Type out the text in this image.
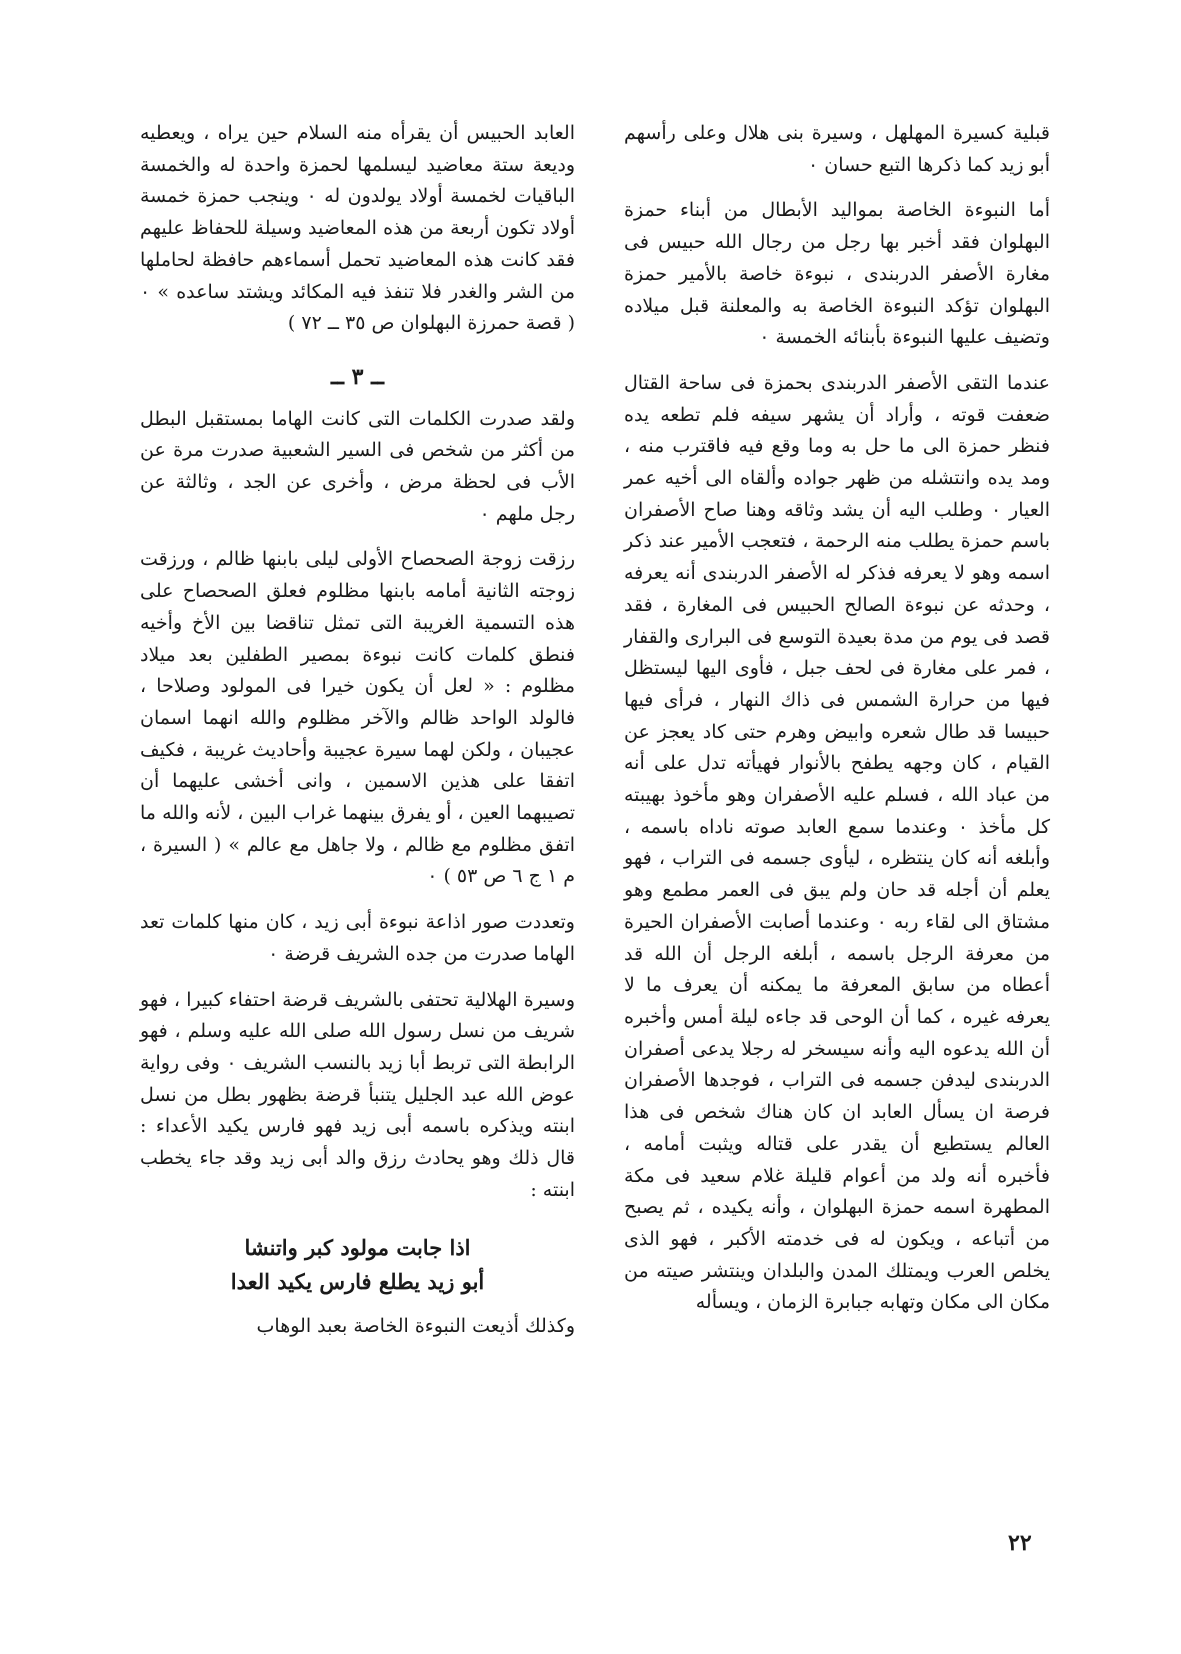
قبلية كسيرة المهلهل ، وسيرة بنى هلال وعلى رأسهم أبو زيد كما ذكرها التبع حسان ٠

أما النبوءة الخاصة بمواليد الأبطال من أبناء حمزة البهلوان فقد أخبر بها رجل من رجال الله حبيس فى مغارة الأصفر الدربندى ، نبوءة خاصة بالأمير حمزة البهلوان تؤكد النبوءة الخاصة به والمعلنة قبل ميلاده وتضيف عليها النبوءة بأبنائه الخمسة ٠

عندما التقى الأصفر الدربندى بحمزة فى ساحة القتال ضعفت قوته ، وأراد أن يشهر سيفه فلم تطعه يده فنظر حمزة الى ما حل به وما وقع فيه فاقترب منه ، ومد يده وانتشله من ظهر جواده وألقاه الى أخيه عمر العيار ٠ وطلب اليه أن يشد وثاقه وهنا صاح الأصفران باسم حمزة يطلب منه الرحمة ، فتعجب الأمير عند ذكر اسمه وهو لا يعرفه فذكر له الأصفر الدربندى أنه يعرفه ، وحدثه عن نبوءة الصالح الحبيس فى المغارة ، فقد قصد فى يوم من مدة بعيدة التوسع فى البرارى والقفار ، فمر على مغارة فى لحف جبل ، فأوى اليها ليستظل فيها من حرارة الشمس فى ذاك النهار ، فرأى فيها حبيسا قد طال شعره وابيض وهرم حتى كاد يعجز عن القيام ، كان وجهه يطفح بالأنوار فهيأته تدل على أنه من عباد الله ، فسلم عليه الأصفران وهو مأخوذ بهيبته كل مأخذ ٠ وعندما سمع العابد صوته ناداه باسمه ، وأبلغه أنه كان ينتظره ، ليأوى جسمه فى التراب ، فهو يعلم أن أجله قد حان ولم يبق فى العمر مطمع وهو مشتاق الى لقاء ربه ٠ وعندما أصابت الأصفران الحيرة من معرفة الرجل باسمه ، أبلغه الرجل أن الله قد أعطاه من سابق المعرفة ما يمكنه أن يعرف ما لا يعرفه غيره ، كما أن الوحى قد جاءه ليلة أمس وأخبره أن الله يدعوه اليه وأنه سيسخر له رجلا يدعى أصفران الدربندى ليدفن جسمه فى التراب ، فوجدها الأصفران فرصة ان يسأل العابد ان كان هناك شخص فى هذا العالم يستطيع أن يقدر على قتاله ويثبت أمامه ، فأخبره أنه ولد من أعوام قليلة غلام سعيد فى مكة المطهرة اسمه حمزة البهلوان ، وأنه يكيده ، ثم يصبح من أتباعه ، ويكون له فى خدمته الأكبر ، فهو الذى يخلص العرب ويمتلك المدن والبلدان وينتشر صيته من مكان الى مكان وتهابه جبابرة الزمان ، ويسأله

العابد الحبيس أن يقرأه منه السلام حين يراه ، ويعطيه وديعة ستة معاضيد ليسلمها لحمزة واحدة له والخمسة الباقيات لخمسة أولاد يولدون له ٠ وينجب حمزة خمسة أولاد تكون أربعة من هذه المعاضيد وسيلة للحفاظ عليهم فقد كانت هذه المعاضيد تحمل أسماءهم حافظة لحاملها من الشر والغدر فلا تنفذ فيه المكائد ويشتد ساعده » ٠ ( قصة حمرزة البهلوان ص ٣٥ ــ ٧٢ )

ــ ٣ ــ

ولقد صدرت الكلمات التى كانت الهاما بمستقبل البطل من أكثر من شخص فى السير الشعبية صدرت مرة عن الأب فى لحظة مرض ، وأخرى عن الجد ، وثالثة عن رجل ملهم ٠

رزقت زوجة الصحصاح الأولى ليلى بابنها ظالم ، ورزقت زوجته الثانية أمامه بابنها مظلوم فعلق الصحصاح على هذه التسمية الغريبة التى تمثل تناقضا بين الأخ وأخيه فنطق كلمات كانت نبوءة بمصير الطفلين بعد ميلاد مظلوم : « لعل أن يكون خيرا فى المولود وصلاحا ، فالولد الواحد ظالم والآخر مظلوم والله انهما اسمان عجيبان ، ولكن لهما سيرة عجيبة وأحاديث غريبة ، فكيف اتفقا على هذين الاسمين ، وانى أخشى عليهما أن تصيبهما العين ، أو يفرق بينهما غراب البين ، لأنه والله ما اتفق مظلوم مع ظالم ، ولا جاهل مع عالم » ( السيرة ، م ١ ج ٦ ص ٥٣ ) ٠

وتعددت صور اذاعة نبوءة أبى زيد ، كان منها كلمات تعد الهاما صدرت من جده الشريف قرضة ٠

وسيرة الهلالية تحتفى بالشريف قرضة احتفاء كبيرا ، فهو شريف من نسل رسول الله صلى الله عليه وسلم ، فهو الرابطة التى تربط أبا زيد بالنسب الشريف ٠ وفى رواية عوض الله عبد الجليل يتنبأ قرضة بظهور بطل من نسل ابنته ويذكره باسمه أبى زيد فهو فارس يكيد الأعداء : قال ذلك وهو يحادث رزق والد أبى زيد وقد جاء يخطب ابنته :

اذا جابت مولود كبر واتنشا
أبو زيد يطلع فارس يكيد العدا

وكذلك أذيعت النبوءة الخاصة بعبد الوهاب

٢٢
